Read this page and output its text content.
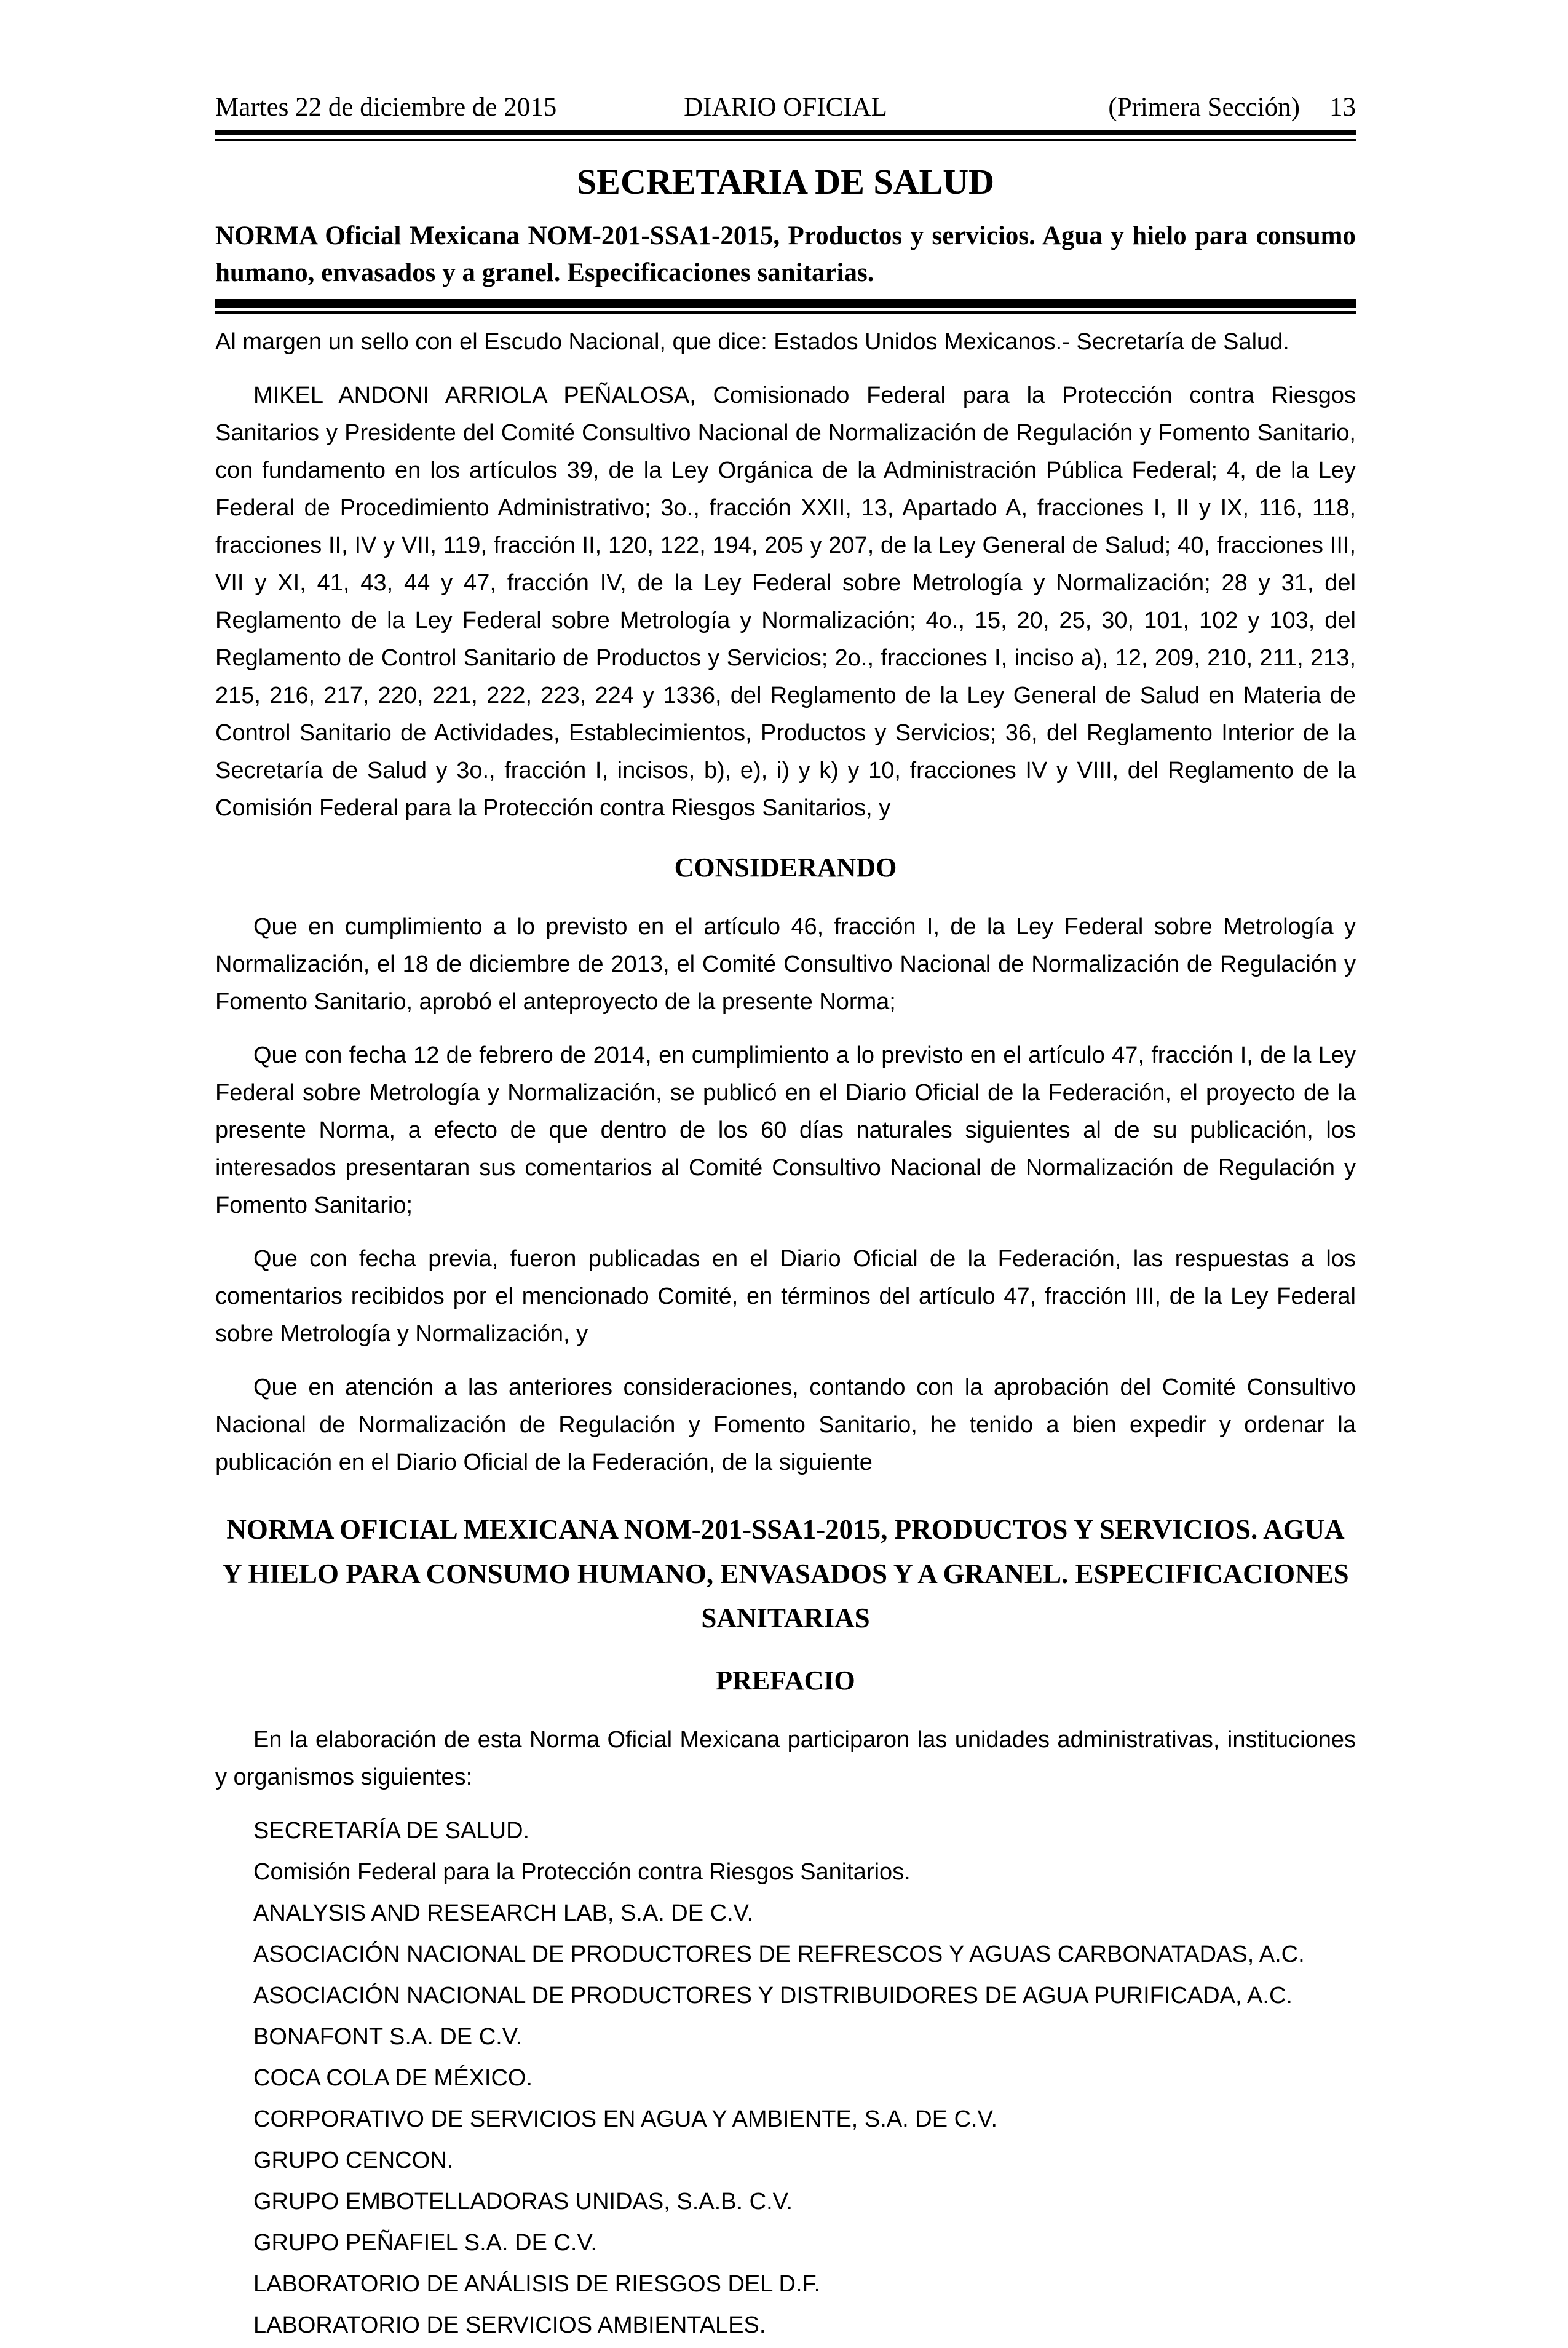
Martes 22 de diciembre de 2015	DIARIO OFICIAL	(Primera Sección) 13
SECRETARIA DE SALUD
NORMA Oficial Mexicana NOM-201-SSA1-2015, Productos y servicios. Agua y hielo para consumo humano, envasados y a granel. Especificaciones sanitarias.

Al margen un sello con el Escudo Nacional, que dice: Estados Unidos Mexicanos.- Secretaría de Salud.

MIKEL ANDONI ARRIOLA PEÑALOSA, Comisionado Federal para la Protección contra Riesgos Sanitarios y Presidente del Comité Consultivo Nacional de Normalización de Regulación y Fomento Sanitario, con fundamento en los artículos 39, de la Ley Orgánica de la Administración Pública Federal; 4, de la Ley Federal de Procedimiento Administrativo; 3o., fracción XXII, 13, Apartado A, fracciones I, II y IX, 116, 118, fracciones II, IV y VII, 119, fracción II, 120, 122, 194, 205 y 207, de la Ley General de Salud; 40, fracciones III, VII y XI, 41, 43, 44 y 47, fracción IV, de la Ley Federal sobre Metrología y Normalización; 28 y 31, del Reglamento de la Ley Federal sobre Metrología y Normalización; 4o., 15, 20, 25, 30, 101, 102 y 103, del Reglamento de Control Sanitario de Productos y Servicios; 2o., fracciones I, inciso a), 12, 209, 210, 211, 213, 215, 216, 217, 220, 221, 222, 223, 224 y 1336, del Reglamento de la Ley General de Salud en Materia de Control Sanitario de Actividades, Establecimientos, Productos y Servicios; 36, del Reglamento Interior de la Secretaría de Salud y 3o., fracción I, incisos, b), e), i) y k) y 10, fracciones IV y VIII, del Reglamento de la Comisión Federal para la Protección contra Riesgos Sanitarios, y

CONSIDERANDO

Que en cumplimiento a lo previsto en el artículo 46, fracción I, de la Ley Federal sobre Metrología y Normalización, el 18 de diciembre de 2013, el Comité Consultivo Nacional de Normalización de Regulación y Fomento Sanitario, aprobó el anteproyecto de la presente Norma;

Que con fecha 12 de febrero de 2014, en cumplimiento a lo previsto en el artículo 47, fracción I, de la Ley Federal sobre Metrología y Normalización, se publicó en el Diario Oficial de la Federación, el proyecto de la presente Norma, a efecto de que dentro de los 60 días naturales siguientes al de su publicación, los interesados presentaran sus comentarios al Comité Consultivo Nacional de Normalización de Regulación y Fomento Sanitario;

Que con fecha previa, fueron publicadas en el Diario Oficial de la Federación, las respuestas a los comentarios recibidos por el mencionado Comité, en términos del artículo 47, fracción III, de la Ley Federal sobre Metrología y Normalización, y

Que en atención a las anteriores consideraciones, contando con la aprobación del Comité Consultivo Nacional de Normalización de Regulación y Fomento Sanitario, he tenido a bien expedir y ordenar la publicación en el Diario Oficial de la Federación, de la siguiente

NORMA OFICIAL MEXICANA NOM-201-SSA1-2015, PRODUCTOS Y SERVICIOS. AGUA Y HIELO PARA CONSUMO HUMANO, ENVASADOS Y A GRANEL. ESPECIFICACIONES SANITARIAS
PREFACIO

En la elaboración de esta Norma Oficial Mexicana participaron las unidades administrativas, instituciones y organismos siguientes:

SECRETARÍA DE SALUD.

Comisión Federal para la Protección contra Riesgos Sanitarios.

ANALYSIS AND RESEARCH LAB, S.A. DE C.V.

ASOCIACIÓN NACIONAL DE PRODUCTORES DE REFRESCOS Y AGUAS CARBONATADAS, A.C.

ASOCIACIÓN NACIONAL DE PRODUCTORES Y DISTRIBUIDORES DE AGUA PURIFICADA, A.C.

BONAFONT S.A. DE C.V.

COCA COLA DE MÉXICO.

CORPORATIVO DE SERVICIOS EN AGUA Y AMBIENTE, S.A. DE C.V.

GRUPO CENCON.

GRUPO EMBOTELLADORAS UNIDAS, S.A.B. C.V.

GRUPO PEÑAFIEL S.A. DE C.V.

LABORATORIO DE ANÁLISIS DE RIESGOS DEL D.F.

LABORATORIO DE SERVICIOS AMBIENTALES.
